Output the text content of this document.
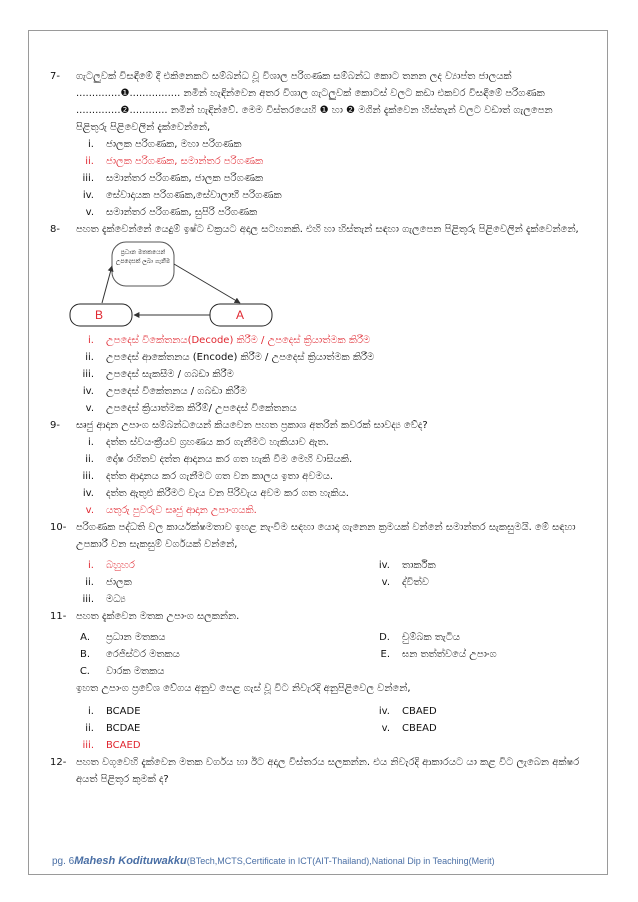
7- ගැටලුවක් විසඳීමේ දී එකිනෙකට සම්බන්ධ වූ විශාල පරිගණක සම්බන්ධ කොට තනන ලද ව්‍යාප්ත ජාලයක් ..............❶................ නමින් හැඳින්වෙන අතර විශාල ගැටලුවක් කොටස් වලට කඩා එකවර විසඳීමේ පරිගණක ..............❷............ නමින් හැඳින්වේ. මෙම විස්තරයෙහි ❶ හා ❷ මගින් දැක්වෙන හිස්තැන් වලට වඩාත් ගැලපෙන පිළිතුරු පිළිවෙලින් දැක්වෙන්නේ,

i. ජාලක පරිගණක, මහා පරිගණක
ii. ජාලක පරිගණක, සමාන්තර පරිගණක
iii. සමාන්තර පරිගණක, ජාලක පරිගණක
iv. සේවාදායක පරිගණක,සේවාලාභී පරිගණක
v. සමාන්තර පරිගණක, සුපිරි පරිගණක
8- පහත දැක්වෙන්නේ යෙදුම් ඉෂ්ට චක්‍රයට අදාල සටහනකි. එහි හා හිස්තැන් සඳහා ගැලපෙන පිළිතුරු පිළිවෙලින් දැක්වෙන්නේ,

ප්‍රධාන මතකයෙන් උපදෙසක් ලබා ගැනීම
B	A
i. උපදෙස් විකේතනය(Decode) කිරීම / උපදෙස් ක්‍රියාත්මක කිරීම
ii. උපදෙස් ආකේතනය (Encode) කිරීම / උපදෙස් ක්‍රියාත්මක කිරීම
iii. උපදෙස් සැකසීම / ගබඩා කිරීම
iv. උපදෙස් විකේතනය / ගබඩා කිරීම
v. උපදෙස් ක්‍රියාත්මක කිරීම්/ උපදෙස් විකේතනය
9- සෘජු ආදාන උපාංග සම්බන්ධයෙන් කියවෙන පහත ප්‍රකාශ අතරින් කවරක් සාවද්‍ය වේද?

i. දත්ත ස්වයංක්‍රීයව ග්‍රහණය කර ගැනීමට හැකියාව ඇත.
ii. දෝෂ රහිතව දත්ත ආදානය කර ගත හැකි වීම මෙහි වාසියකි.
iii. දත්ත ආදානය කර ගැනීමට ගත වන කාලය ඉතා අවමය.
iv. දත්ත ඇතුළු කිරීමට වැය වන පිරිවැය අවම කර ගත හැකිය.
v. යතුරු පුවරුව සෘජු ආදාන උපාංගයකි.
10- පරිගණක පද්ධති වල කාර්යක්ෂමතාව ඉහළ නැංවීම සඳහා යොදා ගැනෙන ක්‍රමයක් වන්නේ සමාන්තර සැකසුමයි. මේ සඳහා උපකාරී වන සැකසුම් වර්ගයක් වන්නේ,

i. බහුහර	iv. තාර්කික
ii. ජාලක	v. ද්විත්ව
iii. මධ්‍ය
11- පහත දැක්වෙන මතක උපාංග සලකන්න.

A. ප්‍රධාන මතකය	D. චුම්බක තැටිය
B. රෙජිස්ටර මතකය	E. ඝන තත්ත්වයේ උපාංග
C. වාරක මතකය

ඉහත උපාංග ප්‍රවේශ වේගය අනුව පෙළ ගැස් වූ විට නිවැරදි අනුපිළිවෙල වන්නේ,

i. BCADE	iv. CBAED
ii. BCDAE	v. CBEAD
iii. BCAED
12- පහත වගුවෙහි දැක්වෙන මතක වර්ගය හා ඊට අදාල විස්තරය සලකන්න. එය නිවැරදි ආකාරයට යා කළ විට ලැබෙන අක්ෂර අයත් පිළිතුර කුමක් ද?

pg. 6Mahesh Kodituwakku(BTech,MCTS,Certificate in ICT(AIT-Thailand),National Dip in Teaching(Merit)
